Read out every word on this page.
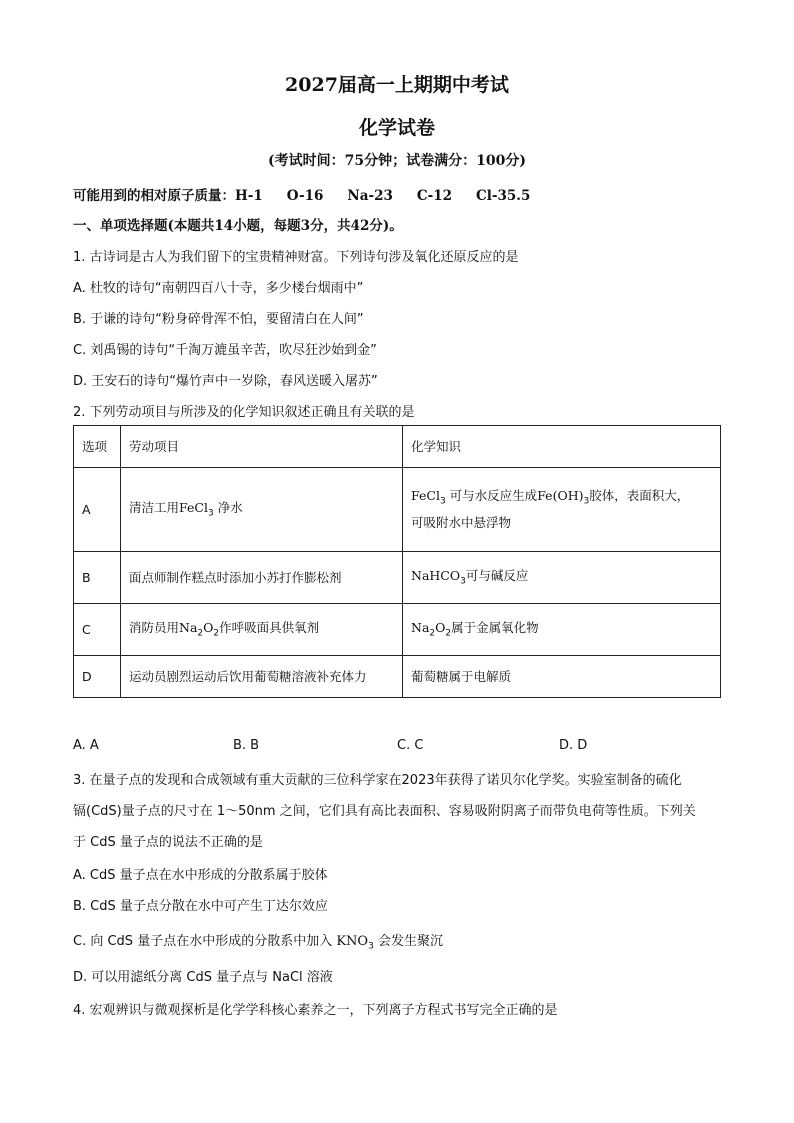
2027届高一上期期中考试
化学试卷
(考试时间：75分钟；试卷满分：100分)
可能用到的相对原子质量：H-1 O-16 Na-23 C-12 Cl-35.5
一、单项选择题(本题共14小题，每题3分，共42分)。
1. 古诗词是古人为我们留下的宝贵精神财富。下列诗句涉及氧化还原反应的是
A. 杜牧的诗句“南朝四百八十寺，多少楼台烟雨中”
B. 于谦的诗句“粉身碎骨浑不怕，要留清白在人间”
C. 刘禹锡的诗句“千淘万漉虽辛苦，吹尽狂沙始到金”
D. 王安石的诗句“爆竹声中一岁除，春风送暖入屠苏”
2. 下列劳动项目与所涉及的化学知识叙述正确且有关联的是
选项	劳动项目	化学知识
A	清洁工用FeCl$_3$ 净水	FeCl$_3$ 可与水反应生成$Fe(OH)_3$胶体，表面积大，
可吸附水中悬浮物

B	面点师制作糕点时添加小苏打作膨松剂	NaHCO$_3$可与碱反应
C	消防员用$Na_2O_2$作呼吸面具供氧剂	$Na_2O_2$属于金属氧化物
D	运动员剧烈运动后饮用葡萄糖溶液补充体力	葡萄糖属于电解质
A. A	B. B	C. C	D. D
3. 在量子点的发现和合成领域有重大贡献的三位科学家在2023年获得了诺贝尔化学奖。实验室制备的硫化
镉(CdS)量子点的尺寸在 1～50nm 之间，它们具有高比表面积、容易吸附阴离子而带负电荷等性质。下列关
于 CdS 量子点的说法不正确的是
A. CdS 量子点在水中形成的分散系属于胶体
B. CdS 量子点分散在水中可产生丁达尔效应
C. 向 CdS 量子点在水中形成的分散系中加入 $KNO_3$ 会发生聚沉
D. 可以用滤纸分离 CdS 量子点与 NaCl 溶液
4. 宏观辨识与微观探析是化学学科核心素养之一，下列离子方程式书写完全正确的是
